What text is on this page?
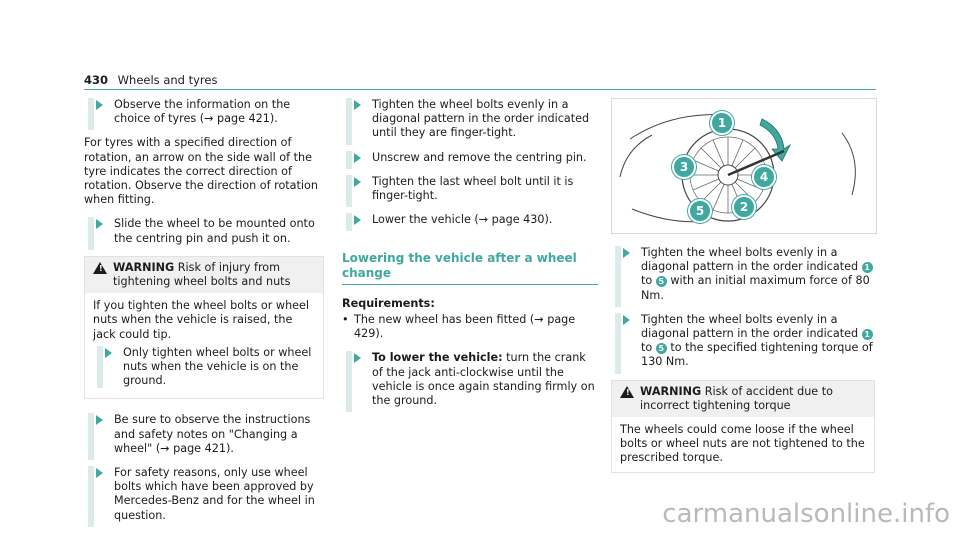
430 Wheels and tyres
Observe the information on the choice of tyres (→ page 421).

For tyres with a specified direction of rotation, an arrow on the side wall of the tyre indicates the correct direction of rotation. Observe the direction of rotation when fitting.

Slide the wheel to be mounted onto the centring pin and push it on.
! WARNING Risk of injury from tightening wheel bolts and nuts
If you tighten the wheel bolts or wheel nuts when the vehicle is raised, the jack could tip.
Only tighten wheel bolts or wheel nuts when the vehicle is on the ground.
Be sure to observe the instructions and safety notes on "Changing a wheel" (→ page 421).
For safety reasons, only use wheel bolts which have been approved by Mercedes-Benz and for the wheel in question.
Tighten the wheel bolts evenly in a diagonal pattern in the order indicated until they are finger-tight.
Unscrew and remove the centring pin.
Tighten the last wheel bolt until it is finger-tight.
Lower the vehicle (→ page 430).
Lowering the vehicle after a wheel change
Requirements:
• The new wheel has been fitted (→ page 429).
To lower the vehicle: turn the crank of the jack anti-clockwise until the vehicle is once again standing firmly on the ground.
1
2
3
4
5
Tighten the wheel bolts evenly in a diagonal pattern in the order indicated 1 to 5 with an initial maximum force of 80 Nm.
Tighten the wheel bolts evenly in a diagonal pattern in the order indicated 1 to 5 to the specified tightening torque of 130 Nm.
! WARNING Risk of accident due to incorrect tightening torque
The wheels could come loose if the wheel bolts or wheel nuts are not tightened to the prescribed torque.
carmanualsonline.info
